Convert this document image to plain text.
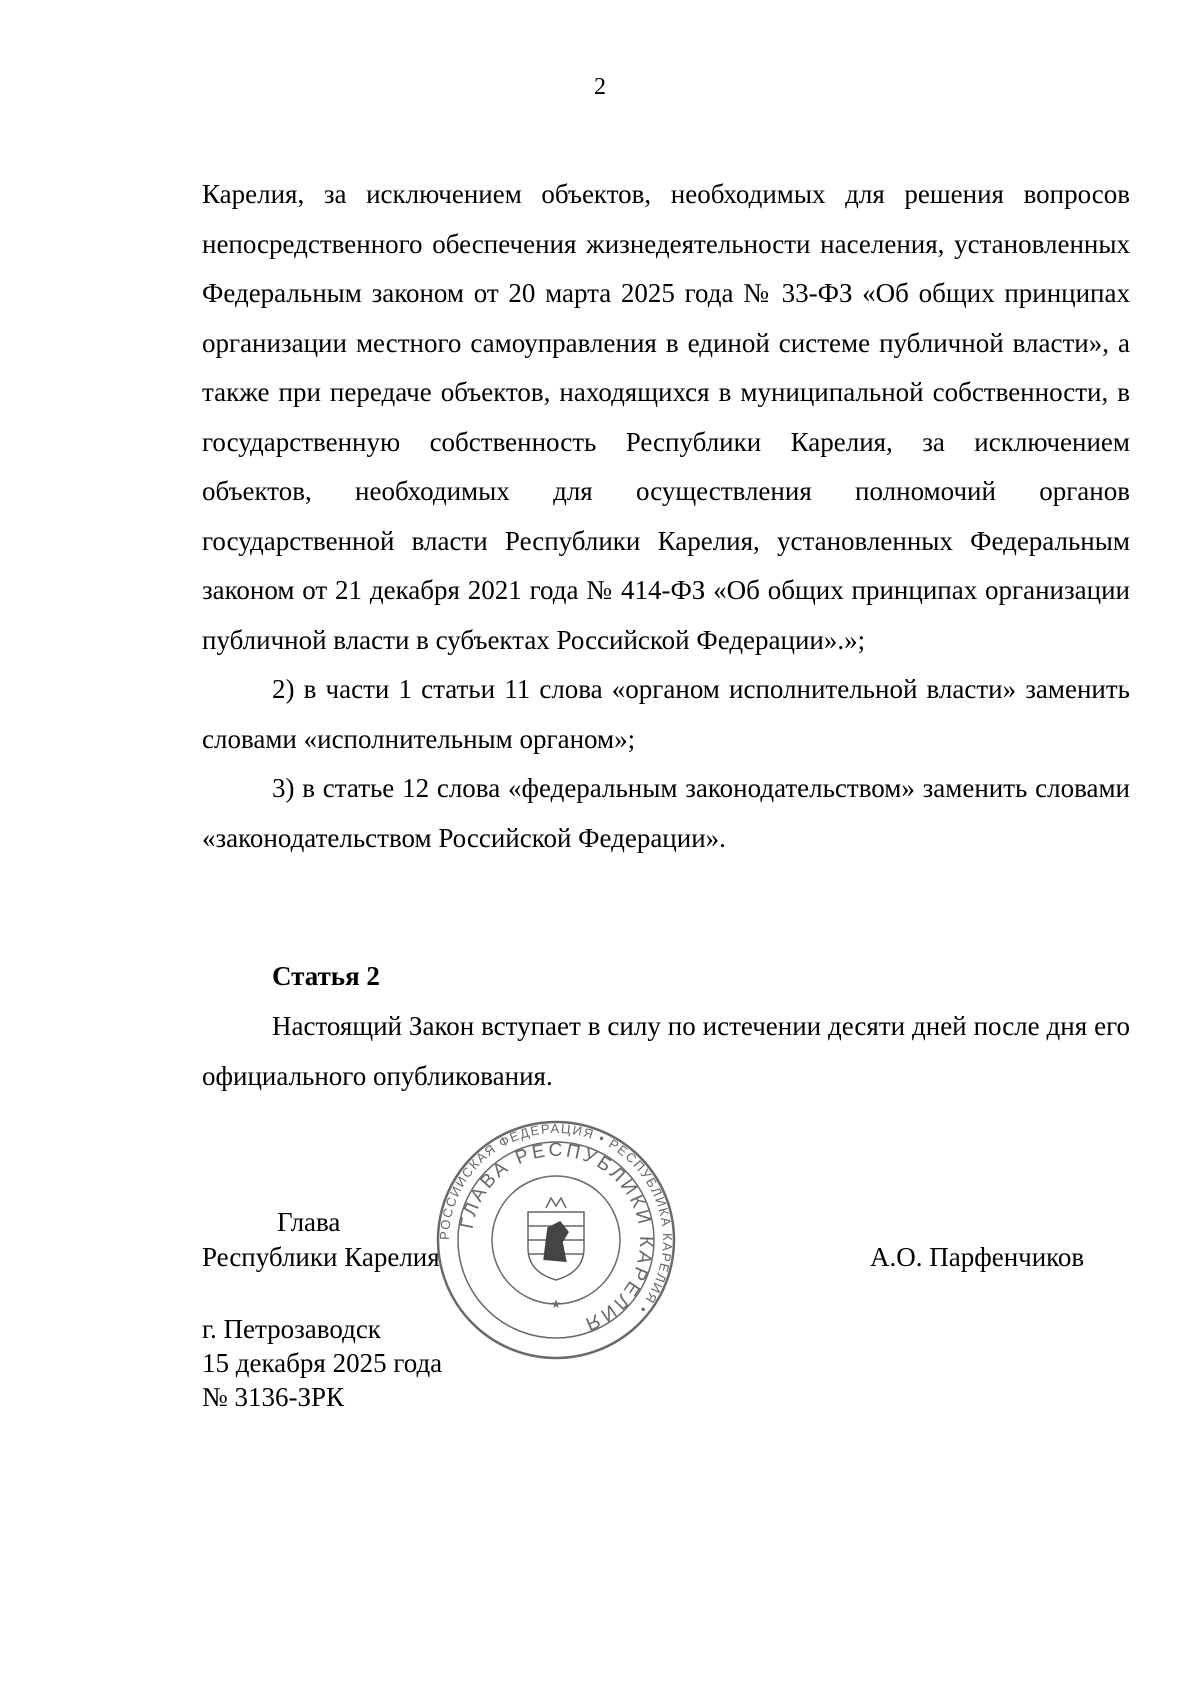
2

Карелия, за исключением объектов, необходимых для решения вопросов непосредственного обеспечения жизнедеятельности населения, установленных Федеральным законом от 20 марта 2025 года № 33-ФЗ «Об общих принципах организации местного самоуправления в единой системе публичной власти», а также при передаче объектов, находящихся в муниципальной собственности, в государственную собственность Республики Карелия, за исключением объектов, необходимых для осуществления полномочий органов государственной власти Республики Карелия, установленных Федеральным законом от 21 декабря 2021 года № 414-ФЗ «Об общих принципах организации публичной власти в субъектах Российской Федерации».»;

2) в части 1 статьи 11 слова «органом исполнительной власти» заменить словами «исполнительным органом»;

3) в статье 12 слова «федеральным законодательством» заменить словами «законодательством Российской Федерации».

Статья 2

Настоящий Закон вступает в силу по истечении десяти дней после дня его официального опубликования.

Глава
Республики Карелия	А.О. Парфенчиков
РОССИЙСКАЯ ФЕДЕРАЦИЯ • РЕСПУБЛИКА КАРЕЛИЯ •
ГЛАВА РЕСПУБЛИКИ КАРЕЛИЯ
★
г. Петрозаводск
15 декабря 2025 года
№ 3136-ЗРК
